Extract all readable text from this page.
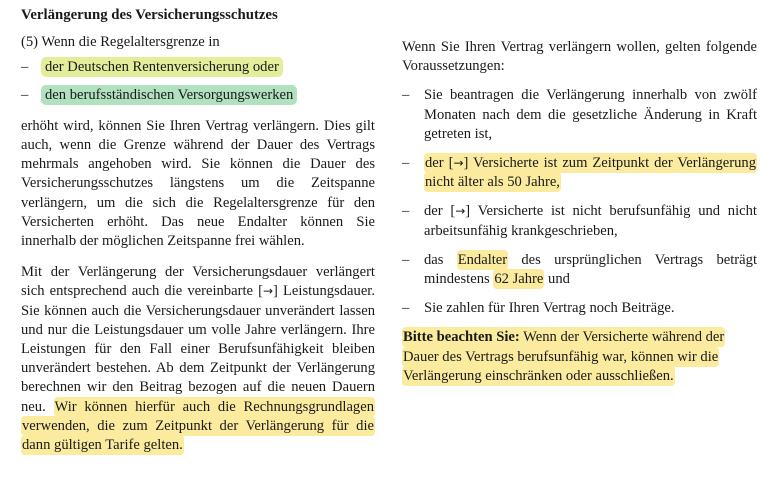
Verlängerung des Versicherungsschutzes

(5) Wenn die Regelaltersgrenze in

– der Deutschen Rentenversicherung oder
– den berufsständischen Versorgungswerken

erhöht wird, können Sie Ihren Vertrag verlängern. Dies gilt auch, wenn die Grenze während der Dauer des Vertrags mehrmals angehoben wird. Sie können die Dauer des Versicherungsschutzes längstens um die Zeitspanne verlängern, um die sich die Regelaltersgrenze für den Versicherten erhöht. Das neue Endalter können Sie innerhalb der möglichen Zeitspanne frei wählen.

Mit der Verlängerung der Versicherungsdauer verlängert sich entsprechend auch die vereinbarte [→] Leistungsdauer. Sie können auch die Versicherungsdauer unverändert lassen und nur die Leistungsdauer um volle Jahre verlängern. Ihre Leistungen für den Fall einer Berufsunfähigkeit bleiben unverändert bestehen. Ab dem Zeitpunkt der Verlängerung berechnen wir den Beitrag bezogen auf die neuen Dauern neu. Wir können hierfür auch die Rechnungsgrundlagen verwenden, die zum Zeitpunkt der Verlängerung für die dann gültigen Tarife gelten.

Wenn Sie Ihren Vertrag verlängern wollen, gelten folgende Voraussetzungen:

– Sie beantragen die Verlängerung innerhalb von zwölf Monaten nach dem die gesetzliche Änderung in Kraft getreten ist,
– der [→] Versicherte ist zum Zeitpunkt der Verlängerung nicht älter als 50 Jahre,
– der [→] Versicherte ist nicht berufsunfähig und nicht arbeitsunfähig krankgeschrieben,
– das Endalter des ursprünglichen Vertrags beträgt mindestens 62 Jahre und
– Sie zahlen für Ihren Vertrag noch Beiträge.

Bitte beachten Sie: Wenn der Versicherte während der Dauer des Vertrags berufsunfähig war, können wir die Verlängerung einschränken oder ausschließen.
